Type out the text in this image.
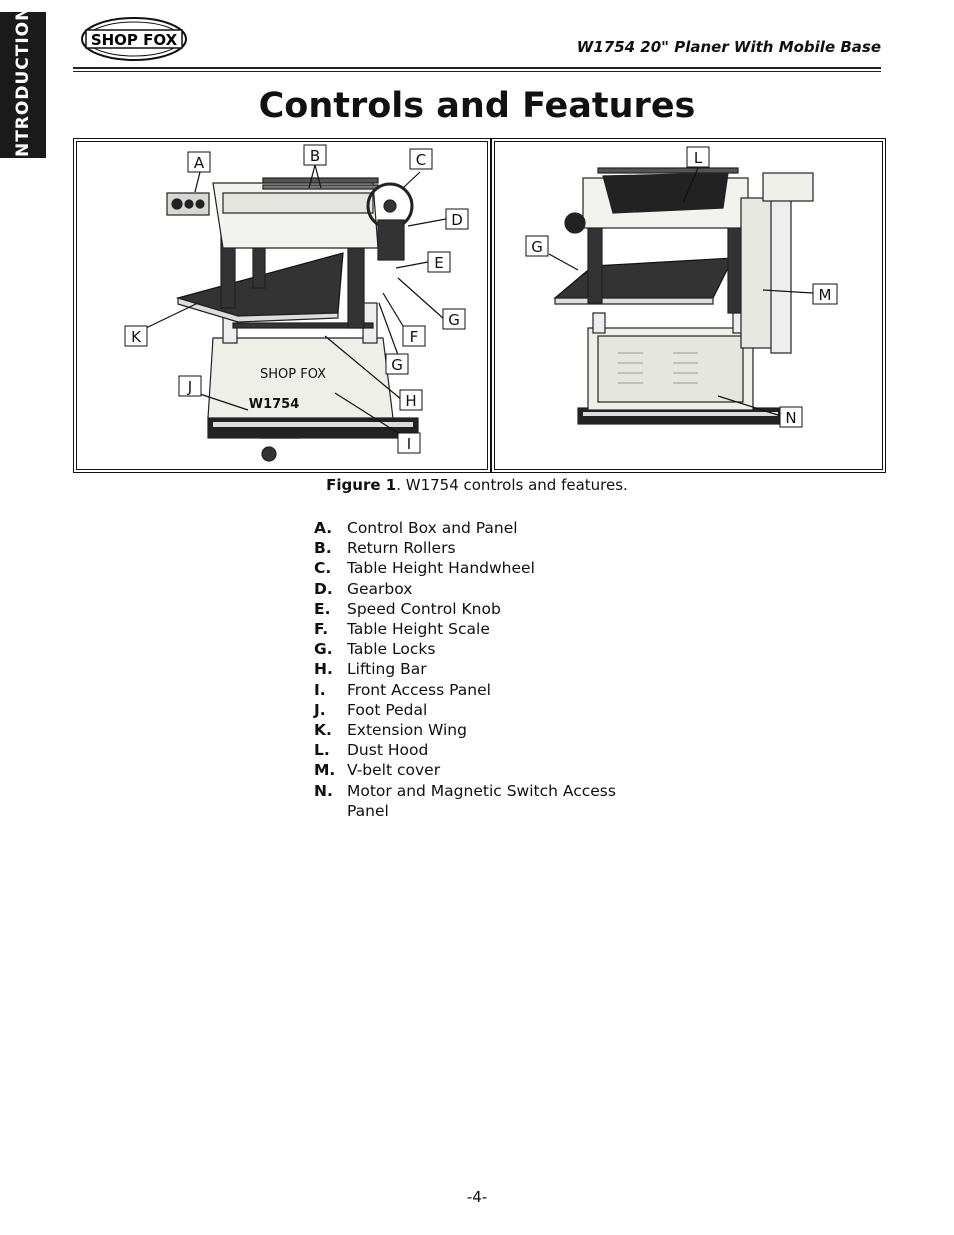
INTRODUCTION	SHOP FOX	W1754 20" Planer With Mobile Base
Controls and Features
SHOP FOX
W1754
A	B	C
D
E
F
G
G
H
I
J
K
L
G
M
N
Figure 1. W1754 controls and features.
A. Control Box and Panel
B. Return Rollers
C.	Table Height Handwheel
D. Gearbox
E.	Speed Control Knob
F.	Table Height Scale
G. Table Locks
H. Lifting Bar
I.	Front Access Panel
J.	Foot Pedal
K. Extension Wing
L.	Dust Hood
M. V-belt cover
N. Motor and Magnetic Switch Access Panel
-4-
